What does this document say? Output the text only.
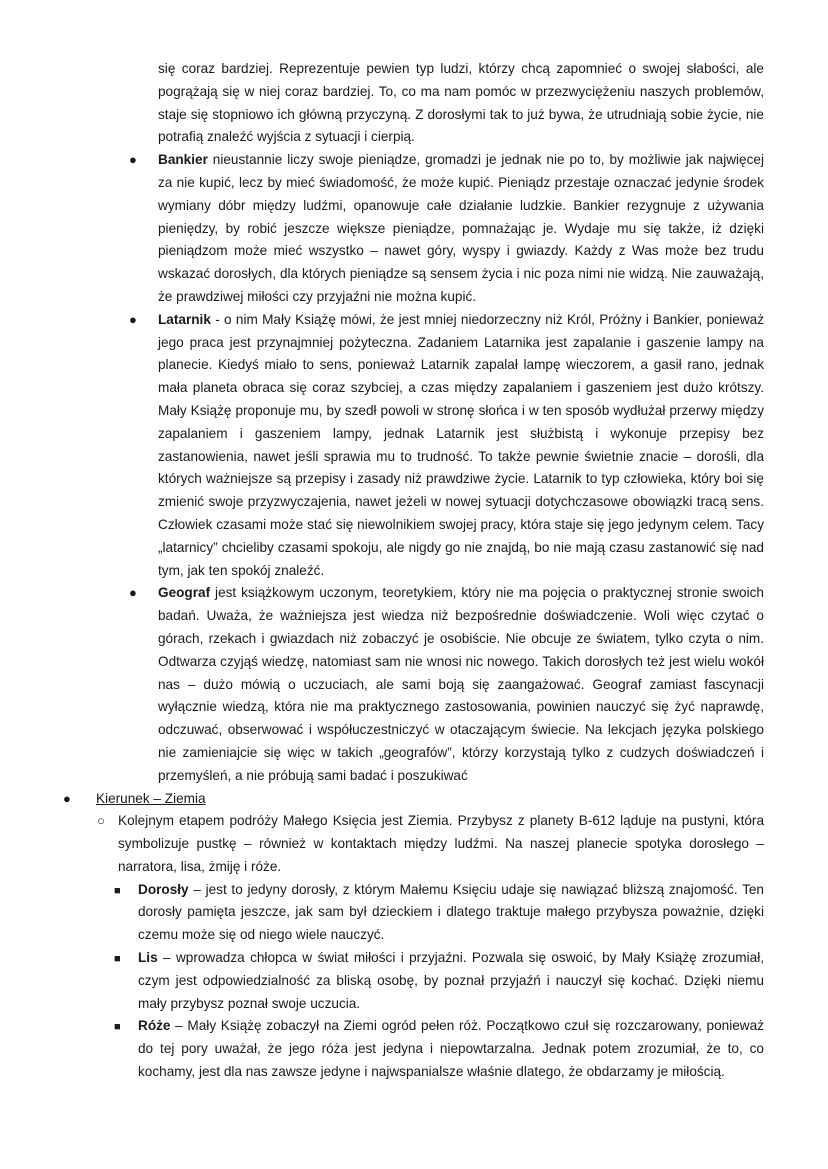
się coraz bardziej. Reprezentuje pewien typ ludzi, którzy chcą zapomnieć o swojej słabości, ale pogrążają się w niej coraz bardziej. To, co ma nam pomóc w przezwyciężeniu naszych problemów, staje się stopniowo ich główną przyczyną. Z dorosłymi tak to już bywa, że utrudniają sobie życie, nie potrafią znaleźć wyjścia z sytuacji i cierpią.

● Bankier nieustannie liczy swoje pieniądze, gromadzi je jednak nie po to, by możliwie jak najwięcej za nie kupić, lecz by mieć świadomość, że może kupić. Pieniądz przestaje oznaczać jedynie środek wymiany dóbr między ludźmi, opanowuje całe działanie ludzkie. Bankier rezygnuje z używania pieniędzy, by robić jeszcze większe pieniądze, pomnażając je. Wydaje mu się także, iż dzięki pieniądzom może mieć wszystko – nawet góry, wyspy i gwiazdy. Każdy z Was może bez trudu wskazać dorosłych, dla których pieniądze są sensem życia i nic poza nimi nie widzą. Nie zauważają, że prawdziwej miłości czy przyjaźni nie można kupić.

● Latarnik - o nim Mały Książę mówi, że jest mniej niedorzeczny niż Król, Próżny i Bankier, ponieważ jego praca jest przynajmniej pożyteczna. Zadaniem Latarnika jest zapalanie i gaszenie lampy na planecie. Kiedyś miało to sens, ponieważ Latarnik zapalał lampę wieczorem, a gasił rano, jednak mała planeta obraca się coraz szybciej, a czas między zapalaniem i gaszeniem jest dużo krótszy. Mały Książę proponuje mu, by szedł powoli w stronę słońca i w ten sposób wydłużał przerwy między zapalaniem i gaszeniem lampy, jednak Latarnik jest służbistą i wykonuje przepisy bez zastanowienia, nawet jeśli sprawia mu to trudność. To także pewnie świetnie znacie – dorośli, dla których ważniejsze są przepisy i zasady niż prawdziwe życie. Latarnik to typ człowieka, który boi się zmienić swoje przyzwyczajenia, nawet jeżeli w nowej sytuacji dotychczasowe obowiązki tracą sens. Człowiek czasami może stać się niewolnikiem swojej pracy, która staje się jego jedynym celem. Tacy „latarnicy” chcieliby czasami spokoju, ale nigdy go nie znajdą, bo nie mają czasu zastanowić się nad tym, jak ten spokój znaleźć.

● Geograf jest książkowym uczonym, teoretykiem, który nie ma pojęcia o praktycznej stronie swoich badań. Uważa, że ważniejsza jest wiedza niż bezpośrednie doświadczenie. Woli więc czytać o górach, rzekach i gwiazdach niż zobaczyć je osobiście. Nie obcuje ze światem, tylko czyta o nim. Odtwarza czyjąś wiedzę, natomiast sam nie wnosi nic nowego. Takich dorosłych też jest wielu wokół nas – dużo mówią o uczuciach, ale sami boją się zaangażować. Geograf zamiast fascynacji wyłącznie wiedzą, która nie ma praktycznego zastosowania, powinien nauczyć się żyć naprawdę, odczuwać, obserwować i współuczestniczyć w otaczającym świecie. Na lekcjach języka polskiego nie zamieniajcie się więc w takich „geografów”, którzy korzystają tylko z cudzych doświadczeń i przemyśleń, a nie próbują sami badać i poszukiwać

● Kierunek – Ziemia

○ Kolejnym etapem podróży Małego Księcia jest Ziemia. Przybysz z planety B-612 ląduje na pustyni, która symbolizuje pustkę – również w kontaktach między ludźmi. Na naszej planecie spotyka dorosłego – narratora, lisa, żmiję i róże.

■ Dorosły – jest to jedyny dorosły, z którym Małemu Księciu udaje się nawiązać bliższą znajomość. Ten dorosły pamięta jeszcze, jak sam był dzieckiem i dlatego traktuje małego przybysza poważnie, dzięki czemu może się od niego wiele nauczyć.

■ Lis – wprowadza chłopca w świat miłości i przyjaźni. Pozwala się oswoić, by Mały Książę zrozumiał, czym jest odpowiedzialność za bliską osobę, by poznał przyjaźń i nauczył się kochać. Dzięki niemu mały przybysz poznał swoje uczucia.

■ Róże – Mały Książę zobaczył na Ziemi ogród pełen róż. Początkowo czuł się rozczarowany, ponieważ do tej pory uważał, że jego róża jest jedyna i niepowtarzalna. Jednak potem zrozumiał, że to, co kochamy, jest dla nas zawsze jedyne i najwspanialsze właśnie dlatego, że obdarzamy je miłością.
